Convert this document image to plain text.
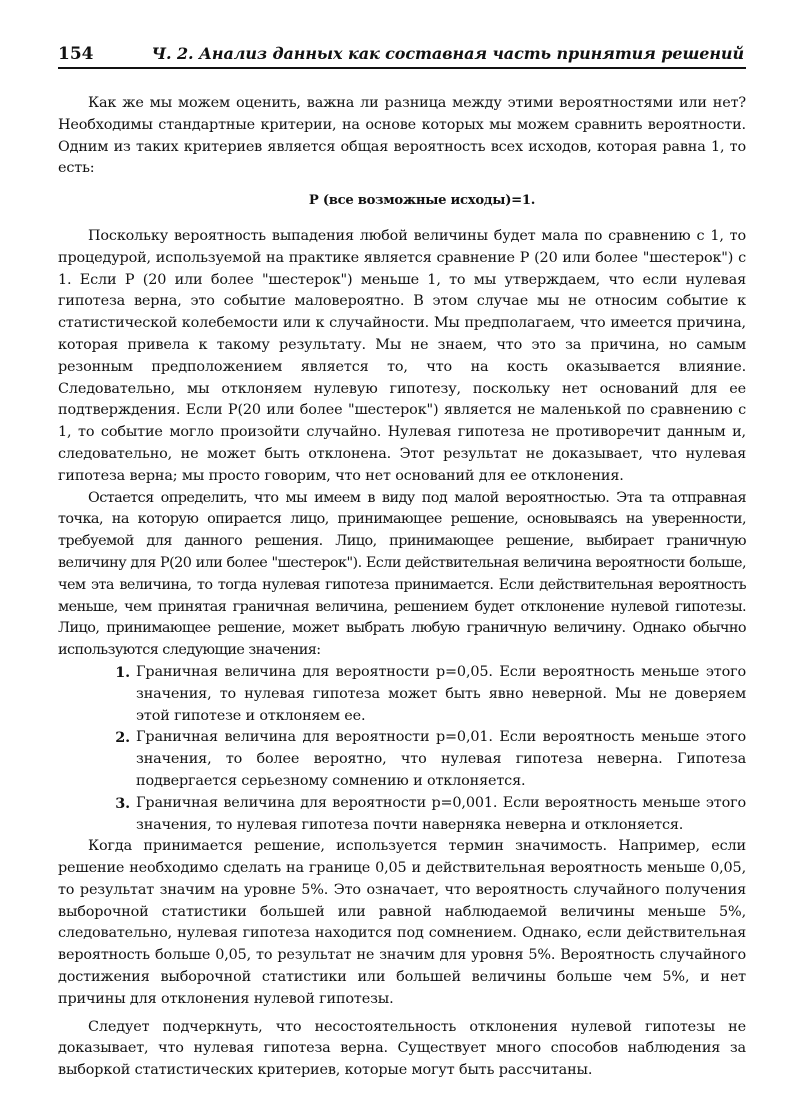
154	Ч. 2. Анализ данных как составная часть принятия решений

Как же мы можем оценить, важна ли разница между этими вероятностями или нет? Необходимы стандартные критерии, на основе которых мы можем сравнить вероятности. Одним из таких критериев является общая вероятность всех исходов, которая равна 1, то есть:

P (все возможные исходы)=1.

Поскольку вероятность выпадения любой величины будет мала по сравнению с 1, то процедурой, используемой на практике является сравнение P (20 или более "шестерок") с 1. Если P (20 или более "шестерок") меньше 1, то мы утверждаем, что если нулевая гипотеза верна, это событие маловероятно. В этом случае мы не относим событие к статистической колебемости или к случайности. Мы предполагаем, что имеется причина, которая привела к такому результату. Мы не знаем, что это за причина, но самым резонным предположением является то, что на кость оказывается влияние. Следовательно, мы отклоняем нулевую гипотезу, поскольку нет оснований для ее подтверждения. Если P(20 или более "шестерок") является не маленькой по сравнению с 1, то событие могло произойти случайно. Нулевая гипотеза не противоречит данным и, следовательно, не может быть отклонена. Этот результат не доказывает, что нулевая гипотеза верна; мы просто говорим, что нет оснований для ее отклонения.

Остается определить, что мы имеем в виду под малой вероятностью. Эта та отправная точка, на которую опирается лицо, принимающее решение, основываясь на уверенности, требуемой для данного решения. Лицо, принимающее решение, выбирает граничную величину для P(20 или более "шестерок"). Если действительная величина вероятности больше, чем эта величина, то тогда нулевая гипотеза принимается. Если действительная вероятность меньше, чем принятая граничная величина, решением будет отклонение нулевой гипотезы. Лицо, принимающее решение, может выбрать любую граничную величину. Однако обычно используются следующие значения:

1. Граничная величина для вероятности p=0,05. Если вероятность меньше этого значения, то нулевая гипотеза может быть явно неверной. Мы не доверяем этой гипотезе и отклоняем ее.
2. Граничная величина для вероятности p=0,01. Если вероятность меньше этого значения, то более вероятно, что нулевая гипотеза неверна. Гипотеза подвергается серьезному сомнению и отклоняется.
3. Граничная величина для вероятности p=0,001. Если вероятность меньше этого значения, то нулевая гипотеза почти наверняка неверна и отклоняется.

Когда принимается решение, используется термин значимость. Например, если решение необходимо сделать на границе 0,05 и действительная вероятность меньше 0,05, то результат значим на уровне 5%. Это означает, что вероятность случайного получения выборочной статистики большей или равной наблюдаемой величины меньше 5%, следовательно, нулевая гипотеза находится под сомнением. Однако, если действительная вероятность больше 0,05, то результат не значим для уровня 5%. Вероятность случайного достижения выборочной статистики или большей величины больше чем 5%, и нет причины для отклонения нулевой гипотезы.

Следует подчеркнуть, что несостоятельность отклонения нулевой гипотезы не доказывает, что нулевая гипотеза верна. Существует много способов наблюдения за выборкой статистических критериев, которые могут быть рассчитаны.
